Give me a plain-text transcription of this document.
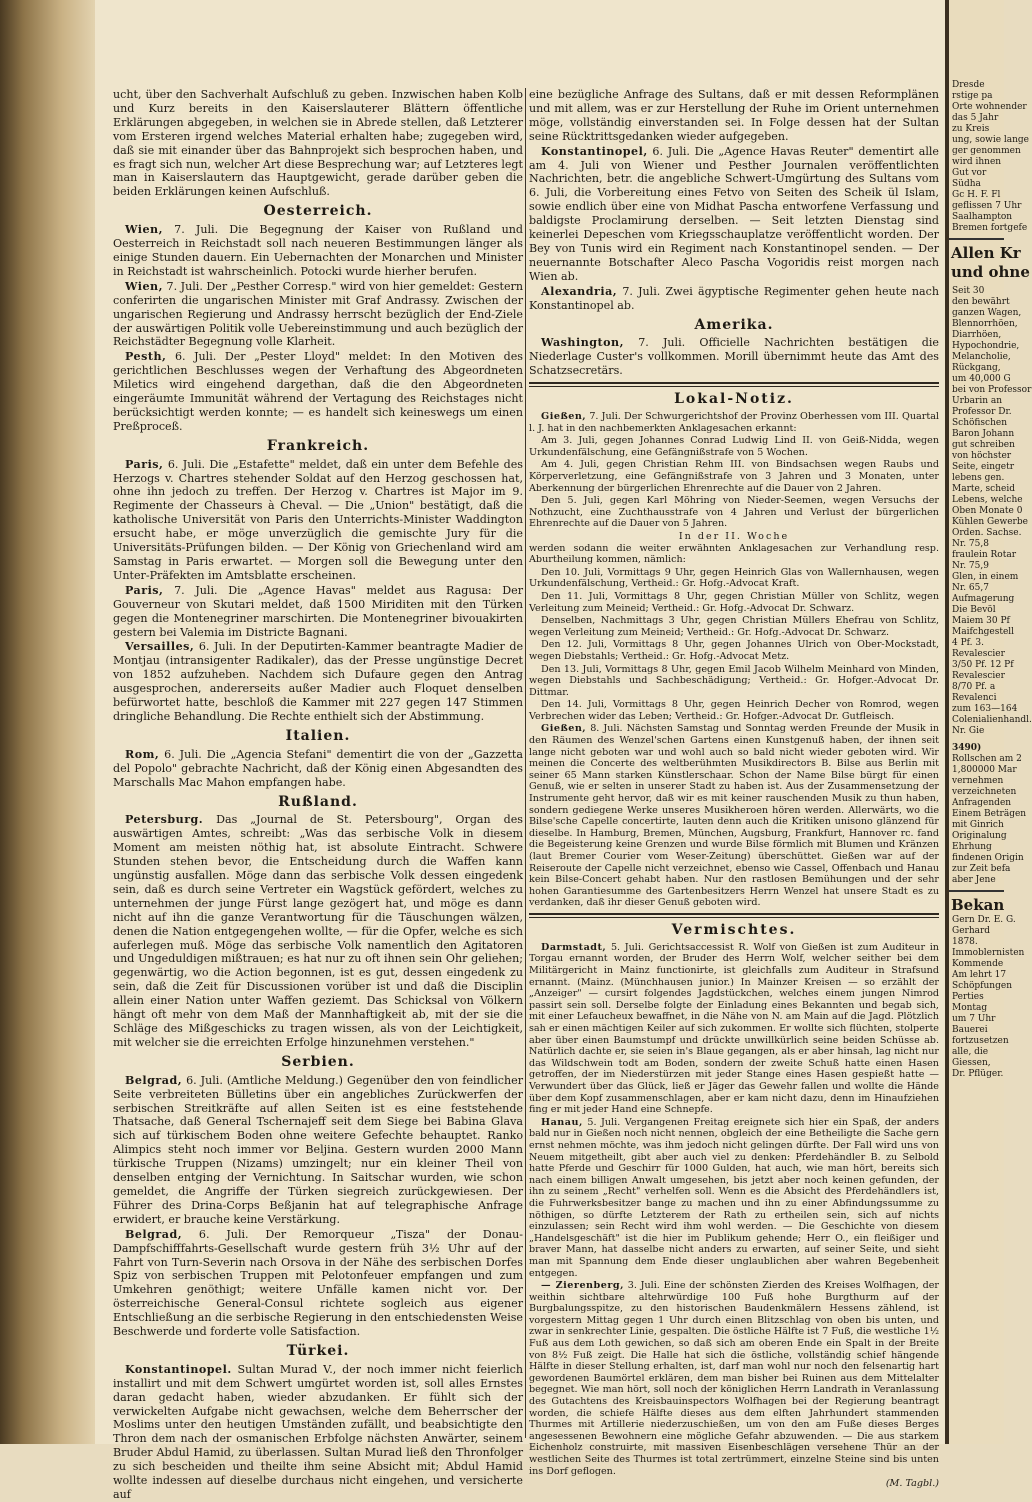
ucht, über den Sachverhalt Aufschluß zu geben. Inzwischen haben Kolb und Kurz bereits in den Kaiserslauterer Blättern öffentliche Erklärungen abgegeben, in welchen sie in Abrede stellen, daß Letzterer vom Ersteren irgend welches Material erhalten habe; zugegeben wird, daß sie mit einander über das Bahnprojekt sich besprochen haben, und es fragt sich nun, welcher Art diese Besprechung war; auf Letzteres legt man in Kaiserslautern das Hauptgewicht, gerade darüber geben die beiden Erklärungen keinen Aufschluß.

Oesterreich.

Wien, 7. Juli. Die Begegnung der Kaiser von Rußland und Oesterreich in Reichstadt soll nach neueren Bestimmungen länger als einige Stunden dauern. Ein Uebernachten der Monarchen und Minister in Reichstadt ist wahrscheinlich. Potocki wurde hierher berufen.

Wien, 7. Juli. Der „Pesther Corresp." wird von hier gemeldet: Gestern conferirten die ungarischen Minister mit Graf Andrassy. Zwischen der ungarischen Regierung und Andrassy herrscht bezüglich der End-Ziele der auswärtigen Politik volle Uebereinstimmung und auch bezüglich der Reichstädter Begegnung volle Klarheit.

Pesth, 6. Juli. Der „Pester Lloyd" meldet: In den Motiven des gerichtlichen Beschlusses wegen der Verhaftung des Abgeordneten Miletics wird eingehend dargethan, daß die den Abgeordneten eingeräumte Immunität während der Vertagung des Reichstages nicht berücksichtigt werden konnte; — es handelt sich keineswegs um einen Preßproceß.

Frankreich.

Paris, 6. Juli. Die „Estafette" meldet, daß ein unter dem Befehle des Herzogs v. Chartres stehender Soldat auf den Herzog geschossen hat, ohne ihn jedoch zu treffen. Der Herzog v. Chartres ist Major im 9. Regimente der Chasseurs à Cheval. — Die „Union" bestätigt, daß die katholische Universität von Paris den Unterrichts-Minister Waddington ersucht habe, er möge unverzüglich die gemischte Jury für die Universitäts-Prüfungen bilden. — Der König von Griechenland wird am Samstag in Paris erwartet. — Morgen soll die Bewegung unter den Unter-Präfekten im Amtsblatte erscheinen.

Paris, 7. Juli. Die „Agence Havas" meldet aus Ragusa: Der Gouverneur von Skutari meldet, daß 1500 Miriditen mit den Türken gegen die Montenegriner marschirten. Die Montenegriner bivouakirten gestern bei Valemia im Districte Bagnani.

Versailles, 6. Juli. In der Deputirten-Kammer beantragte Madier de Montjau (intransigenter Radikaler), das der Presse ungünstige Decret von 1852 aufzuheben. Nachdem sich Dufaure gegen den Antrag ausgesprochen, andererseits außer Madier auch Floquet denselben befürwortet hatte, beschloß die Kammer mit 227 gegen 147 Stimmen dringliche Behandlung. Die Rechte enthielt sich der Abstimmung.

Italien.

Rom, 6. Juli. Die „Agencia Stefani" dementirt die von der „Gazzetta del Popolo" gebrachte Nachricht, daß der König einen Abgesandten des Marschalls Mac Mahon empfangen habe.

Rußland.

Petersburg. Das „Journal de St. Petersbourg", Organ des auswärtigen Amtes, schreibt: „Was das serbische Volk in diesem Moment am meisten nöthig hat, ist absolute Eintracht. Schwere Stunden stehen bevor, die Entscheidung durch die Waffen kann ungünstig ausfallen. Möge dann das serbische Volk dessen eingedenk sein, daß es durch seine Vertreter ein Wagstück gefördert, welches zu unternehmen der junge Fürst lange gezögert hat, und möge es dann nicht auf ihn die ganze Verantwortung für die Täuschungen wälzen, denen die Nation entgegengehen wollte, — für die Opfer, welche es sich auferlegen muß. Möge das serbische Volk namentlich den Agitatoren und Ungeduldigen mißtrauen; es hat nur zu oft ihnen sein Ohr geliehen; gegenwärtig, wo die Action begonnen, ist es gut, dessen eingedenk zu sein, daß die Zeit für Discussionen vorüber ist und daß die Disciplin allein einer Nation unter Waffen geziemt. Das Schicksal von Völkern hängt oft mehr von dem Maß der Mannhaftigkeit ab, mit der sie die Schläge des Mißgeschicks zu tragen wissen, als von der Leichtigkeit, mit welcher sie die erreichten Erfolge hinzunehmen verstehen."

Serbien.

Belgrad, 6. Juli. (Amtliche Meldung.) Gegenüber den von feindlicher Seite verbreiteten Bülletins über ein angebliches Zurückwerfen der serbischen Streitkräfte auf allen Seiten ist es eine feststehende Thatsache, daß General Tschernajeff seit dem Siege bei Babina Glava sich auf türkischem Boden ohne weitere Gefechte behauptet. Ranko Alimpics steht noch immer vor Beljina. Gestern wurden 2000 Mann türkische Truppen (Nizams) umzingelt; nur ein kleiner Theil von denselben entging der Vernichtung. In Saitschar wurden, wie schon gemeldet, die Angriffe der Türken siegreich zurückgewiesen. Der Führer des Drina-Corps Beßjanin hat auf telegraphische Anfrage erwidert, er brauche keine Verstärkung.

Belgrad, 6. Juli. Der Remorqueur „Tisza" der Donau-Dampfschifffahrts-Gesellschaft wurde gestern früh 3½ Uhr auf der Fahrt von Turn-Severin nach Orsova in der Nähe des serbischen Dorfes Spiz von serbischen Truppen mit Pelotonfeuer empfangen und zum Umkehren genöthigt; weitere Unfälle kamen nicht vor. Der österreichische General-Consul richtete sogleich aus eigener Entschließung an die serbische Regierung in den entschiedensten Weise Beschwerde und forderte volle Satisfaction.

Türkei.

Konstantinopel. Sultan Murad V., der noch immer nicht feierlich installirt und mit dem Schwert umgürtet worden ist, soll alles Ernstes daran gedacht haben, wieder abzudanken. Er fühlt sich der verwickelten Aufgabe nicht gewachsen, welche dem Beherrscher der Moslims unter den heutigen Umständen zufällt, und beabsichtigte den Thron dem nach der osmanischen Erbfolge nächsten Anwärter, seinem Bruder Abdul Hamid, zu überlassen. Sultan Murad ließ den Thronfolger zu sich bescheiden und theilte ihm seine Absicht mit; Abdul Hamid wollte indessen auf dieselbe durchaus nicht eingehen, und versicherte auf

eine bezügliche Anfrage des Sultans, daß er mit dessen Reformplänen und mit allem, was er zur Herstellung der Ruhe im Orient unternehmen möge, vollständig einverstanden sei. In Folge dessen hat der Sultan seine Rücktrittsgedanken wieder aufgegeben.

Konstantinopel, 6. Juli. Die „Agence Havas Reuter" dementirt alle am 4. Juli von Wiener und Pesther Journalen veröffentlichten Nachrichten, betr. die angebliche Schwert-Umgürtung des Sultans vom 6. Juli, die Vorbereitung eines Fetvo von Seiten des Scheik ül Islam, sowie endlich über eine von Midhat Pascha entworfene Verfassung und baldigste Proclamirung derselben. — Seit letzten Dienstag sind keinerlei Depeschen vom Kriegsschauplatze veröffentlicht worden. Der Bey von Tunis wird ein Regiment nach Konstantinopel senden. — Der neuernannte Botschafter Aleco Pascha Vogoridis reist morgen nach Wien ab.

Alexandria, 7. Juli. Zwei ägyptische Regimenter gehen heute nach Konstantinopel ab.

Amerika.

Washington, 7. Juli. Officielle Nachrichten bestätigen die Niederlage Custer's vollkommen. Morill übernimmt heute das Amt des Schatzsecretärs.

Lokal-Notiz.

Gießen, 7. Juli. Der Schwurgerichtshof der Provinz Oberhessen vom III. Quartal l. J. hat in den nachbemerkten Anklagesachen erkannt:

Am 3. Juli, gegen Johannes Conrad Ludwig Lind II. von Geiß-Nidda, wegen Urkundenfälschung, eine Gefängnißstrafe von 5 Wochen.

Am 4. Juli, gegen Christian Rehm III. von Bindsachsen wegen Raubs und Körperverletzung, eine Gefängnißstrafe von 3 Jahren und 3 Monaten, unter Aberkennung der bürgerlichen Ehrenrechte auf die Dauer von 2 Jahren.

Den 5. Juli, gegen Karl Möhring von Nieder-Seemen, wegen Versuchs der Nothzucht, eine Zuchthausstrafe von 4 Jahren und Verlust der bürgerlichen Ehrenrechte auf die Dauer von 5 Jahren.

In der II. Woche

werden sodann die weiter erwähnten Anklagesachen zur Verhandlung resp. Aburtheilung kommen, nämlich:

Den 10. Juli, Vormittags 9 Uhr, gegen Heinrich Glas von Wallernhausen, wegen Urkundenfälschung, Vertheid.: Gr. Hofg.-Advocat Kraft.

Den 11. Juli, Vormittags 8 Uhr, gegen Christian Müller von Schlitz, wegen Verleitung zum Meineid; Vertheid.: Gr. Hofg.-Advocat Dr. Schwarz.

Denselben, Nachmittags 3 Uhr, gegen Christian Müllers Ehefrau von Schlitz, wegen Verleitung zum Meineid; Vertheid.: Gr. Hofg.-Advocat Dr. Schwarz.

Den 12. Juli, Vormittags 8 Uhr, gegen Johannes Ulrich von Ober-Mockstadt, wegen Diebstahls; Vertheid.: Gr. Hofg.-Advocat Metz.

Den 13. Juli, Vormittags 8 Uhr, gegen Emil Jacob Wilhelm Meinhard von Minden, wegen Diebstahls und Sachbeschädigung; Vertheid.: Gr. Hofger.-Advocat Dr. Dittmar.

Den 14. Juli, Vormittags 8 Uhr, gegen Heinrich Decher von Romrod, wegen Verbrechen wider das Leben; Vertheid.: Gr. Hofger.-Advocat Dr. Gutfleisch.

Gießen, 8. Juli. Nächsten Samstag und Sonntag werden Freunde der Musik in den Räumen des Wenzel'schen Gartens einen Kunstgenuß haben, der ihnen seit lange nicht geboten war und wohl auch so bald nicht wieder geboten wird. Wir meinen die Concerte des weltberühmten Musikdirectors B. Bilse aus Berlin mit seiner 65 Mann starken Künstlerschaar. Schon der Name Bilse bürgt für einen Genuß, wie er selten in unserer Stadt zu haben ist. Aus der Zusammensetzung der Instrumente geht hervor, daß wir es mit keiner rauschenden Musik zu thun haben, sondern gediegene Werke unseres Musikheroen hören werden. Allerwärts, wo die Bilse'sche Capelle concertirte, lauten denn auch die Kritiken unisono glänzend für dieselbe. In Hamburg, Bremen, München, Augsburg, Frankfurt, Hannover rc. fand die Begeisterung keine Grenzen und wurde Bilse förmlich mit Blumen und Kränzen (laut Bremer Courier vom Weser-Zeitung) überschüttet. Gießen war auf der Reiseroute der Capelle nicht verzeichnet, ebenso wie Cassel, Offenbach und Hanau kein Bilse-Concert gehabt haben. Nur den rastlosen Bemühungen und der sehr hohen Garantiesumme des Gartenbesitzers Herrn Wenzel hat unsere Stadt es zu verdanken, daß ihr dieser Genuß geboten wird.

Vermischtes.

Darmstadt, 5. Juli. Gerichtsaccessist R. Wolf von Gießen ist zum Auditeur in Torgau ernannt worden, der Bruder des Herrn Wolf, welcher seither bei dem Militärgericht in Mainz functionirte, ist gleichfalls zum Auditeur in Strafsund ernannt. (Mainz. (Münchhausen junior.) In Mainzer Kreisen — so erzählt der „Anzeiger" — cursirt folgendes Jagdstückchen, welches einem jungen Nimrod passirt sein soll. Derselbe folgte der Einladung eines Bekannten und begab sich, mit einer Lefaucheux bewaffnet, in die Nähe von N. am Main auf die Jagd. Plötzlich sah er einen mächtigen Keiler auf sich zukommen. Er wollte sich flüchten, stolperte aber über einen Baumstumpf und drückte unwillkürlich seine beiden Schüsse ab. Natürlich dachte er, sie seien in's Blaue gegangen, als er aber hinsah, lag nicht nur das Wildschwein todt am Boden, sondern der zweite Schuß hatte einen Hasen getroffen, der im Niederstürzen mit jeder Stange eines Hasen gespießt hatte — Verwundert über das Glück, ließ er Jäger das Gewehr fallen und wollte die Hände über dem Kopf zusammenschlagen, aber er kam nicht dazu, denn im Hinaufziehen fing er mit jeder Hand eine Schnepfe.

Hanau, 5. Juli. Vergangenen Freitag ereignete sich hier ein Spaß, der anders bald nur in Gießen noch nicht nennen, obgleich der eine Betheiligte die Sache gern ernst nehmen möchte, was ihm jedoch nicht gelingen dürfte. Der Fall wird uns von Neuem mitgetheilt, gibt aber auch viel zu denken: Pferdehändler B. zu Selbold hatte Pferde und Geschirr für 1000 Gulden, hat auch, wie man hört, bereits sich nach einem billigen Anwalt umgesehen, bis jetzt aber noch keinen gefunden, der ihn zu seinem „Recht" verhelfen soll. Wenn es die Absicht des Pferdehändlers ist, die Fuhrwerksbesitzer bange zu machen und ihn zu einer Abfindungssumme zu nöthigen, so dürfte Letzterem der Rath zu ertheilen sein, sich auf nichts einzulassen; sein Recht wird ihm wohl werden. — Die Geschichte von diesem „Handelsgeschäft" ist die hier im Publikum gehende; Herr O., ein fleißiger und braver Mann, hat dasselbe nicht anders zu erwarten, auf seiner Seite, und sieht man mit Spannung dem Ende dieser unglaublichen aber wahren Begebenheit entgegen.

— Zierenberg, 3. Juli. Eine der schönsten Zierden des Kreises Wolfhagen, der weithin sichtbare altehrwürdige 100 Fuß hohe Burgthurm auf der Burgbalungsspitze, zu den historischen Baudenkmälern Hessens zählend, ist vorgestern Mittag gegen 1 Uhr durch einen Blitzschlag von oben bis unten, und zwar in senkrechter Linie, gespalten. Die östliche Hälfte ist 7 Fuß, die westliche 1½ Fuß aus dem Loth gewichen, so daß sich am oberen Ende ein Spalt in der Breite von 8½ Fuß zeigt. Die Halle hat sich die östliche, vollständig schief hängende Hälfte in dieser Stellung erhalten, ist, darf man wohl nur noch den felsenartig hart gewordenen Baumörtel erklären, dem man bisher bei Ruinen aus dem Mittelalter begegnet. Wie man hört, soll noch der königlichen Herrn Landrath in Veranlassung des Gutachtens des Kreisbauinspectors Wolfhagen bei der Regierung beantragt worden, die schiefe Hälfte dieses aus dem elften Jahrhundert stammenden Thurmes mit Artillerie niederzuschießen, um von den am Fuße dieses Berges angesessenen Bewohnern eine mögliche Gefahr abzuwenden. — Die aus starkem Eichenholz construirte, mit massiven Eisenbeschlägen versehene Thür an der westlichen Seite des Thurmes ist total zertrümmert, einzelne Steine sind bis unten ins Dorf geflogen.

(M. Tagbl.)
Dresde
rstige pa
Orte wohnender
das 5 Jahr
zu Kreis
ung, sowie lange
ger genommen
wird ihnen
Gut vor
Südha
Gc H. F. Fl
geflissen 7 Uhr
Saalhampton
Bremen fortgefe
Allen Kr
und ohne
Seit 30
den bewährt
ganzen Wagen,
Blennorrhöen,
Diarrhöen,
Hypochondrie,
Melancholie,
Rückgang,
um 40,000 G
bei von Professor
Urbarin an
Professor Dr.
Schöfischen
Baron Johann
gut schreiben
von höchster
Seite, eingetr
lebens gen.
Marte, scheid
Lebens, welche
Oben Monate 0
Kühlen Gewerbe
Orden. Sachse.
Nr. 75,8
fraulein Rotar
Nr. 75,9
Glen, in einem
Nr. 65,7
Aufmagerung
Die Bevöl
Maiem 30 Pf
Maifchgestell
4 Pf. 3.
Revalescier
3/50 Pf. 12 Pf
Revalescier
8/70 Pf. a
Revalenci
zum 163—164
Colenialienhandl.
Nr. Gie
3490)
Rollschen am 2
1,800000 Mar
vernehmen
verzeichneten
Anfragenden
Einem Beträgen
mit Ginrich
Originalung
Ehrhung
findenen Origin
zur Zeit befa
aber Jene
Bekan
Gern Dr. E. G.
Gerhard
1878.
Immoblernisten
Kommende
Am lehrt 17
Schöpfungen
Perties
Montag
um 7 Uhr
Bauerei
fortzusetzen
alle, die
Giessen,
Dr. Pflüger.
